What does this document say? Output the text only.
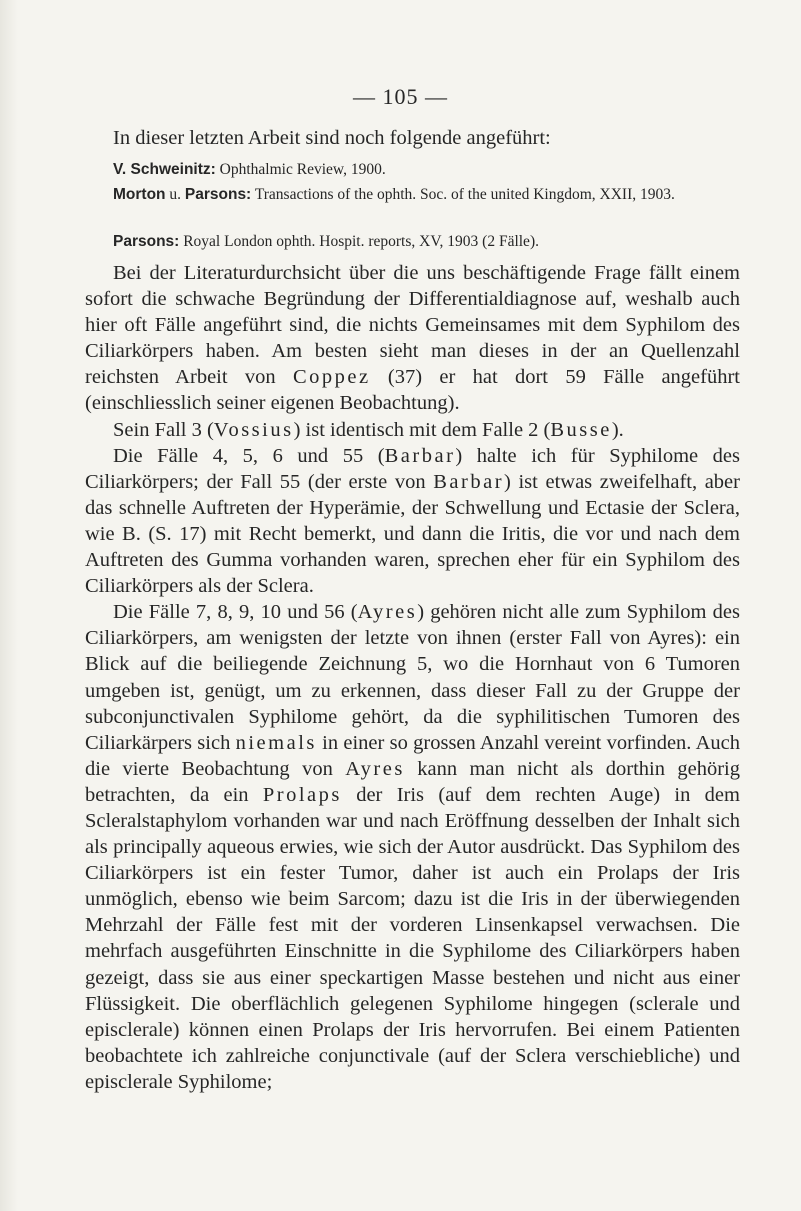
— 105 —

In dieser letzten Arbeit sind noch folgende angeführt:

V. Schweinitz: Ophthalmic Review, 1900.

Morton u. Parsons: Transactions of the ophth. Soc. of the united Kingdom, XXII, 1903.

Parsons: Royal London ophth. Hospit. reports, XV, 1903 (2 Fälle).

Bei der Literaturdurchsicht über die uns beschäftigende Frage fällt einem sofort die schwache Begründung der Differentialdiagnose auf, weshalb auch hier oft Fälle angeführt sind, die nichts Gemeinsames mit dem Syphilom des Ciliarkörpers haben. Am besten sieht man dieses in der an Quellenzahl reichsten Arbeit von Coppez (37) er hat dort 59 Fälle angeführt (einschliesslich seiner eigenen Beobachtung).

Sein Fall 3 (Vossius) ist identisch mit dem Falle 2 (Busse).

Die Fälle 4, 5, 6 und 55 (Barbar) halte ich für Syphilome des Ciliarkörpers; der Fall 55 (der erste von Barbar) ist etwas zweifelhaft, aber das schnelle Auftreten der Hyperämie, der Schwellung und Ectasie der Sclera, wie B. (S. 17) mit Recht bemerkt, und dann die Iritis, die vor und nach dem Auftreten des Gumma vorhanden waren, sprechen eher für ein Syphilom des Ciliarkörpers als der Sclera.

Die Fälle 7, 8, 9, 10 und 56 (Ayres) gehören nicht alle zum Syphilom des Ciliarkörpers, am wenigsten der letzte von ihnen (erster Fall von Ayres): ein Blick auf die beiliegende Zeichnung 5, wo die Hornhaut von 6 Tumoren umgeben ist, genügt, um zu erkennen, dass dieser Fall zu der Gruppe der subconjunctivalen Syphilome gehört, da die syphilitischen Tumoren des Ciliarkärpers sich niemals in einer so grossen Anzahl vereint vorfinden. Auch die vierte Beobachtung von Ayres kann man nicht als dorthin gehörig betrachten, da ein Prolaps der Iris (auf dem rechten Auge) in dem Scleralstaphylom vorhanden war und nach Eröffnung desselben der Inhalt sich als principally aqueous erwies, wie sich der Autor ausdrückt. Das Syphilom des Ciliarkörpers ist ein fester Tumor, daher ist auch ein Prolaps der Iris unmöglich, ebenso wie beim Sarcom; dazu ist die Iris in der überwiegenden Mehrzahl der Fälle fest mit der vorderen Linsenkapsel verwachsen. Die mehrfach ausgeführten Einschnitte in die Syphilome des Ciliarkörpers haben gezeigt, dass sie aus einer speckartigen Masse bestehen und nicht aus einer Flüssigkeit. Die oberflächlich gelegenen Syphilome hingegen (sclerale und episclerale) können einen Prolaps der Iris hervorrufen. Bei einem Patienten beobachtete ich zahlreiche conjunctivale (auf der Sclera verschiebliche) und episclerale Syphilome;
